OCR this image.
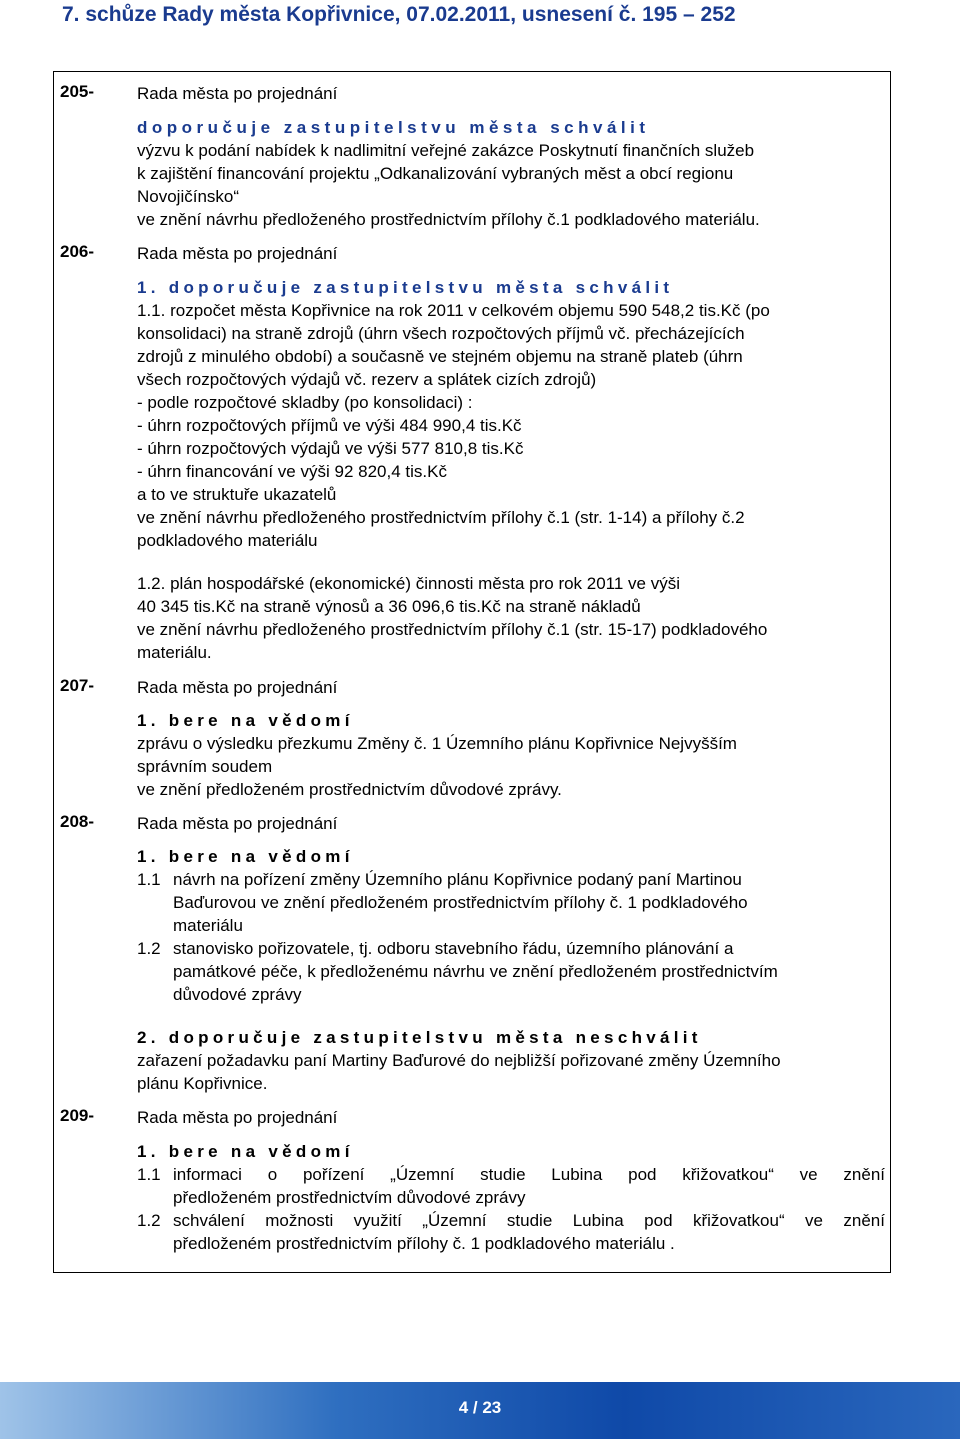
7. schůze Rady města Kopřivnice, 07.02.2011, usnesení č. 195 – 252
205-	Rada města po projednání
doporučuje zastupitelstvu města schválit
výzvu k podání nabídek k nadlimitní veřejné zakázce Poskytnutí finančních služeb
k zajištění financování projektu „Odkanalizování vybraných měst a obcí regionu
Novojičínsko“
ve znění návrhu předloženého prostřednictvím přílohy č.1 podkladového materiálu.
206-	Rada města po projednání
1. doporučuje zastupitelstvu města schválit
1.1. rozpočet města Kopřivnice na rok 2011 v celkovém objemu 590 548,2 tis.Kč (po
konsolidaci) na straně zdrojů (úhrn všech rozpočtových příjmů vč. přecházejících
zdrojů z minulého období) a současně ve stejném objemu na straně plateb (úhrn
všech rozpočtových výdajů vč. rezerv a splátek cizích zdrojů)
- podle rozpočtové skladby (po konsolidaci) :
- úhrn rozpočtových příjmů ve výši 484 990,4 tis.Kč
- úhrn rozpočtových výdajů ve výši 577 810,8 tis.Kč
- úhrn financování ve výši 92 820,4 tis.Kč
a to ve struktuře ukazatelů
ve znění návrhu předloženého prostřednictvím přílohy č.1 (str. 1-14) a přílohy č.2
podkladového materiálu
1.2. plán hospodářské (ekonomické) činnosti města pro rok 2011 ve výši
40 345 tis.Kč na straně výnosů a 36 096,6 tis.Kč na straně nákladů
ve znění návrhu předloženého prostřednictvím přílohy č.1 (str. 15-17) podkladového
materiálu.
207-	Rada města po projednání
1. bere na vědomí
zprávu o výsledku přezkumu Změny č. 1 Územního plánu Kopřivnice Nejvyšším
správním soudem
ve znění předloženém prostřednictvím důvodové zprávy.
208-	Rada města po projednání
1. bere na vědomí
1.1 návrh na pořízení změny Územního plánu Kopřivnice podaný paní Martinou
Baďurovou ve znění předloženém prostřednictvím přílohy č. 1 podkladového
materiálu
1.2 stanovisko pořizovatele, tj. odboru stavebního řádu, územního plánování a
památkové péče, k předloženému návrhu ve znění předloženém prostřednictvím
důvodové zprávy
2. doporučuje zastupitelstvu města neschválit
zařazení požadavku paní Martiny Baďurové do nejbližší pořizované změny Územního
plánu Kopřivnice.
209-	Rada města po projednání
1. bere na vědomí
1.1 informaci o pořízení „Územní studie Lubina pod křižovatkou“ ve znění
předloženém prostřednictvím důvodové zprávy
1.2 schválení možnosti využití „Územní studie Lubina pod křižovatkou“ ve znění
předloženém prostřednictvím přílohy č. 1 podkladového materiálu .
4 / 23
